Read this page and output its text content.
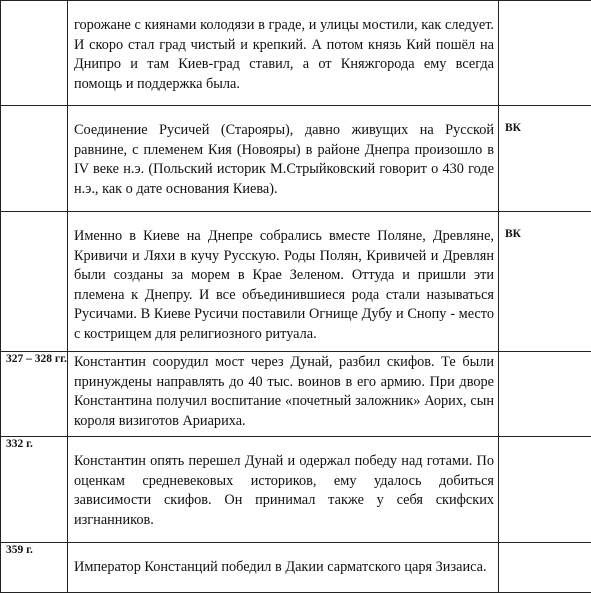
	горожане с киянами колодязи в граде, и улицы мостили, как следует. И скоро стал град чистый и крепкий. А потом князь Кий пошёл на Днипро и там Киев-град ставил, а от Княжгорода ему всегда помощь и поддержка была.	

	Соединение Русичей (Старояры), давно живущих на Русской равнине, с племенем Кия (Новояры) в районе Днепра произошло в IV веке н.э. (Польский историк М.Стрыйковский говорит о 430 годе н.э., как о дате основания Киева).	ВК

	Именно в Киеве на Днепре собрались вместе Поляне, Древляне, Кривичи и Ляхи в кучу Русскую. Роды Полян, Кривичей и Древлян были созданы за морем в Крае Зеленом. Оттуда и пришли эти племена к Днепру. И все объединившиеся рода стали называться Русичами. В Киеве Русичи поставили Огнище Дубу и Снопу - место с кострищем для религиозного ритуала.	ВК

327 – 328 гг.	Константин соорудил мост через Дунай, разбил скифов. Те были принуждены направлять до 40 тыс. воинов в его армию. При дворе Константина получил воспитание «почетный заложник» Аорих, сын короля визиготов Ариариха.	

332 г.	Константин опять перешел Дунай и одержал победу над готами. По оценкам средневековых историков, ему удалось добиться зависимости скифов. Он принимал также у себя скифских изгнанников.	

359 г.	Император Констанций победил в Дакии сарматского царя Зизаиса.	
